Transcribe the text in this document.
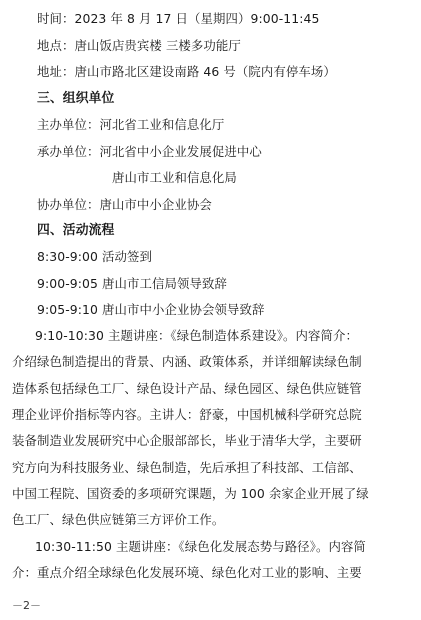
时间：2023 年 8 月 17 日（星期四）9:00-11:45
地点：唐山饭店贵宾楼 三楼多功能厅
地址：唐山市路北区建设南路 46 号（院内有停车场）
三、组织单位
主办单位：河北省工业和信息化厅
承办单位：河北省中小企业发展促进中心
唐山市工业和信息化局
协办单位：唐山市中小企业协会
四、活动流程
8:30-9:00 活动签到
9:00-9:05 唐山市工信局领导致辞
9:05-9:10 唐山市中小企业协会领导致辞
9:10-10:30 主题讲座：《绿色制造体系建设》。内容简介：
介绍绿色制造提出的背景、内涵、政策体系，并详细解读绿色制
造体系包括绿色工厂、绿色设计产品、绿色园区、绿色供应链管
理企业评价指标等内容。主讲人：舒豪，中国机械科学研究总院
装备制造业发展研究中心企服部部长，毕业于清华大学，主要研
究方向为科技服务业、绿色制造，先后承担了科技部、工信部、
中国工程院、国资委的多项研究课题，为 100 余家企业开展了绿
色工厂、绿色供应链第三方评价工作。
10:30-11:50 主题讲座：《绿色化发展态势与路径》。内容简
介：重点介绍全球绿色化发展环境、绿色化对工业的影响、主要
－2－
